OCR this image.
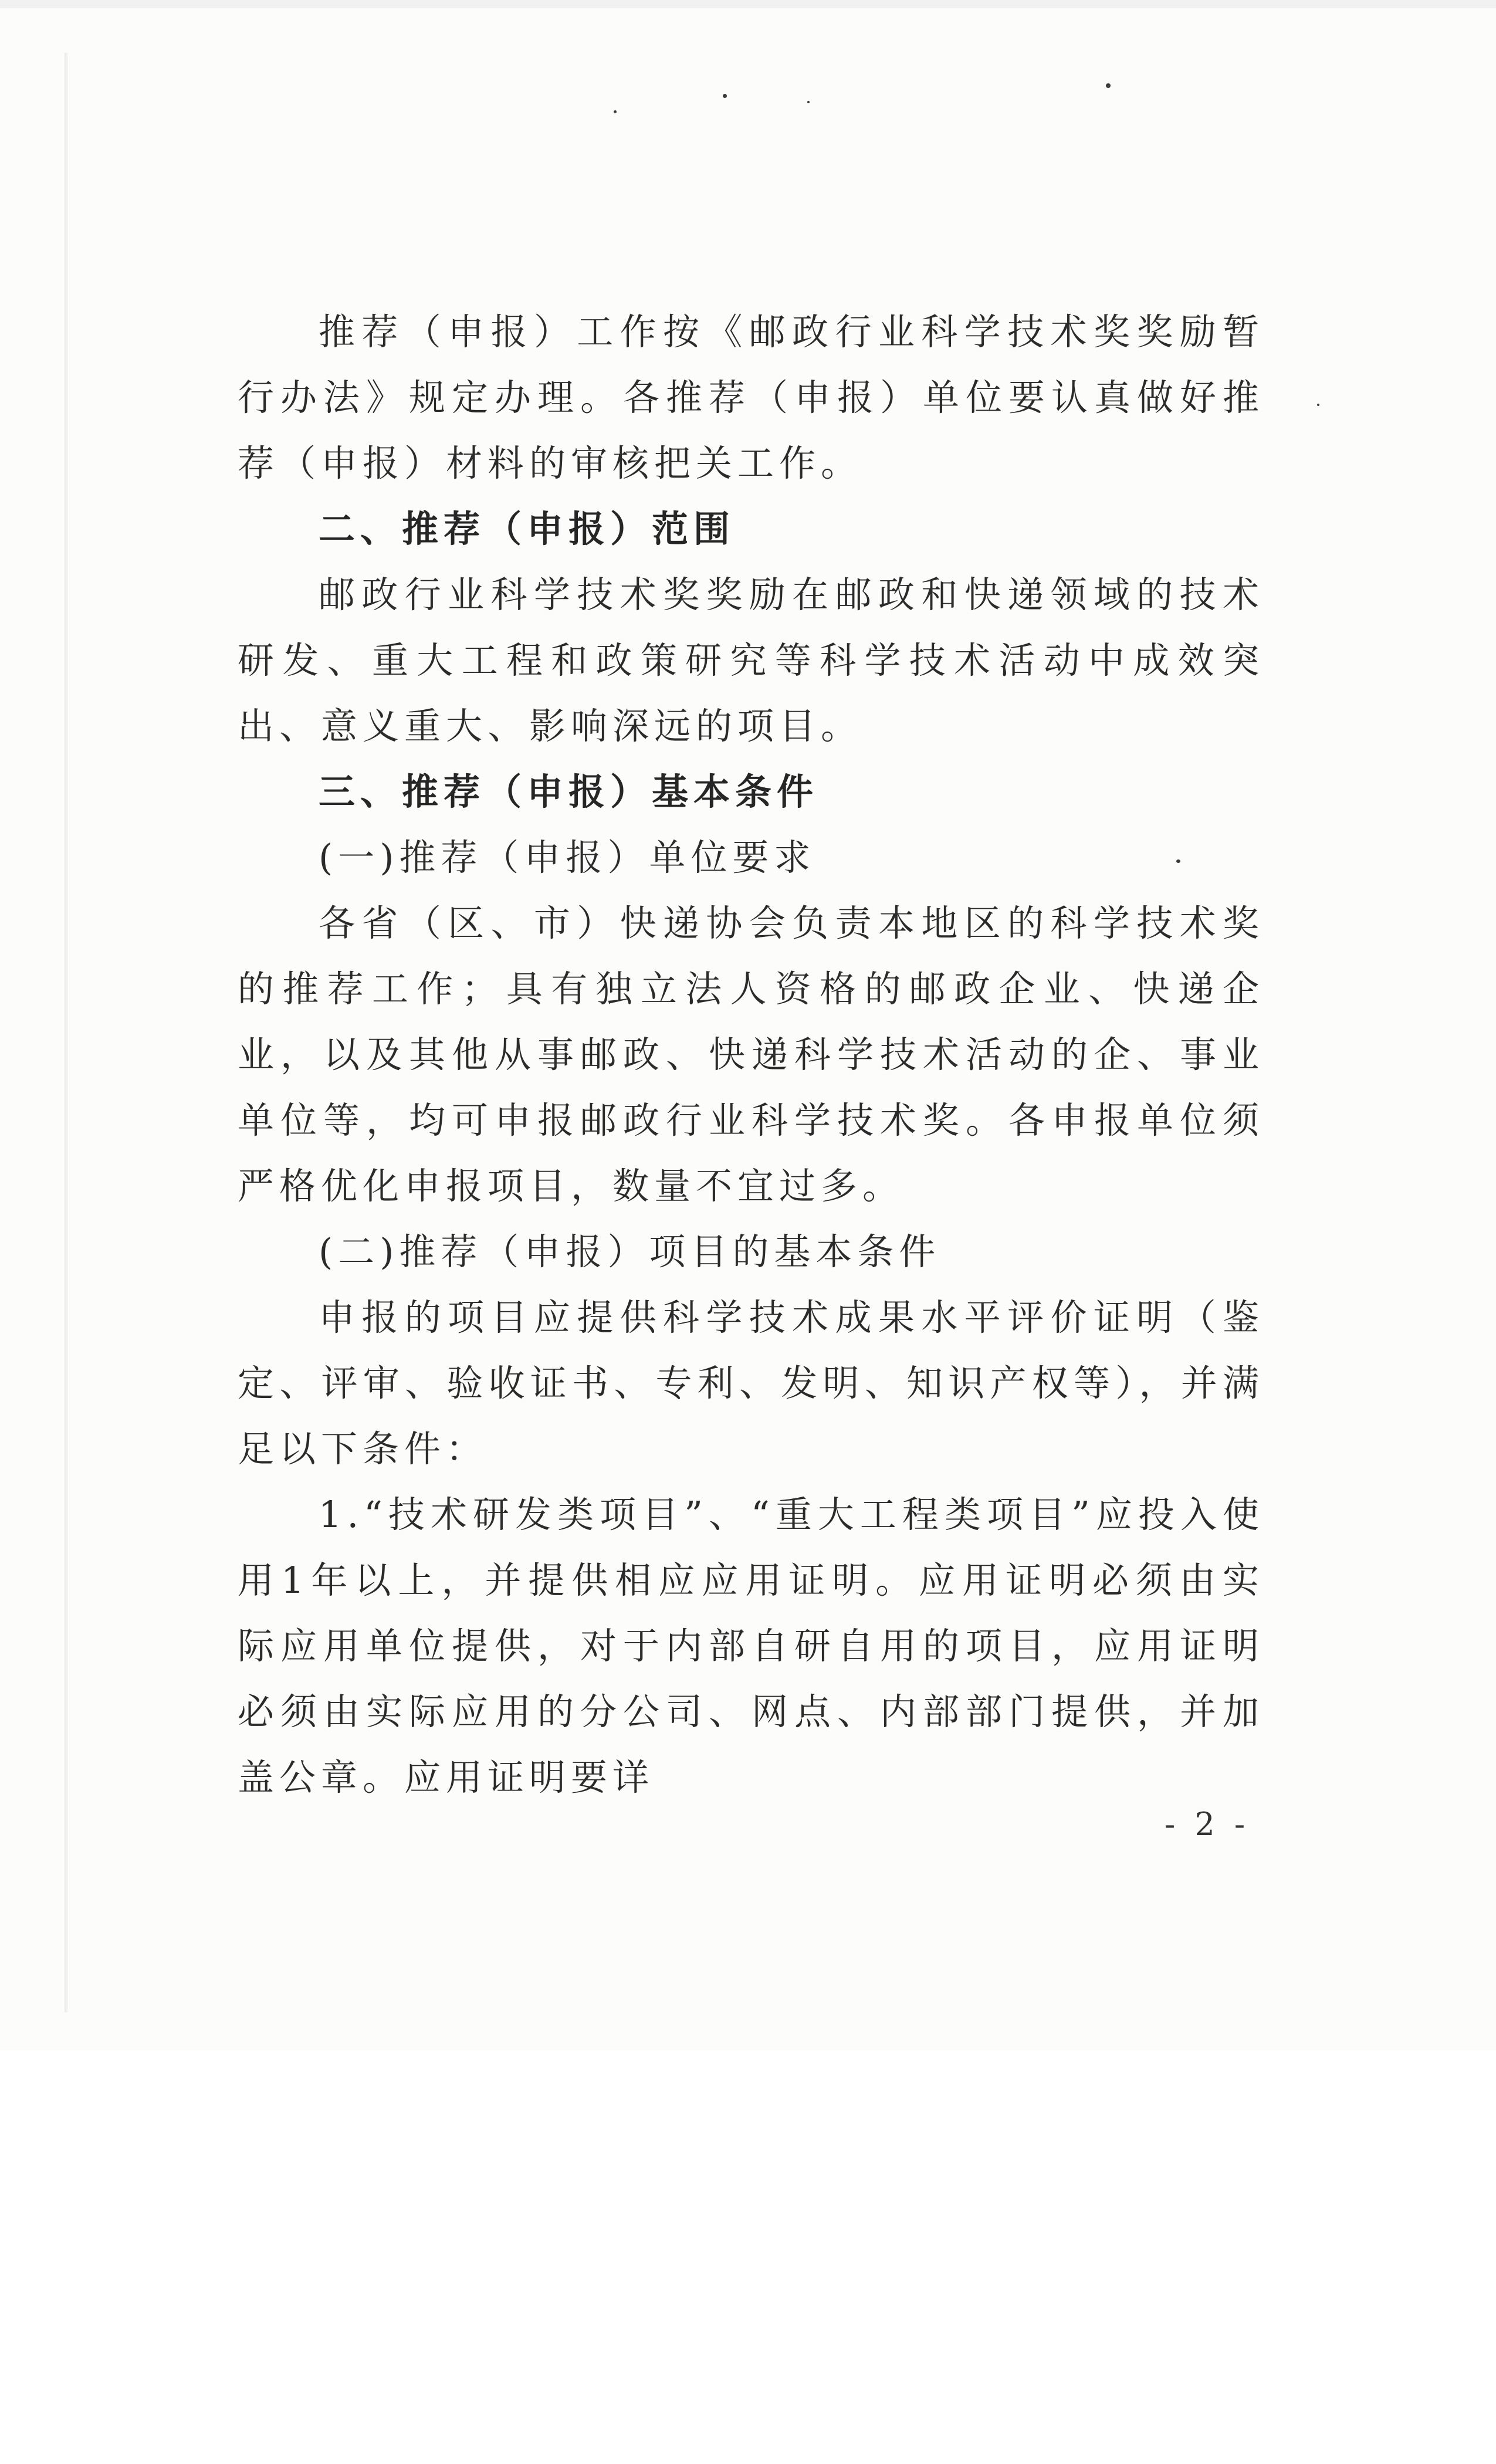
推荐（申报）工作按《邮政行业科学技术奖奖励暂行办法》规定办理。各推荐（申报）单位要认真做好推荐（申报）材料的审核把关工作。

二、推荐（申报）范围

邮政行业科学技术奖奖励在邮政和快递领域的技术研发、重大工程和政策研究等科学技术活动中成效突出、意义重大、影响深远的项目。

三、推荐（申报）基本条件

(一)推荐（申报）单位要求

各省（区、市）快递协会负责本地区的科学技术奖的推荐工作；具有独立法人资格的邮政企业、快递企业，以及其他从事邮政、快递科学技术活动的企、事业单位等，均可申报邮政行业科学技术奖。各申报单位须严格优化申报项目，数量不宜过多。

(二)推荐（申报）项目的基本条件

申报的项目应提供科学技术成果水平评价证明（鉴定、评审、验收证书、专利、发明、知识产权等），并满足以下条件：

1.“技术研发类项目”、“重大工程类项目”应投入使用1年以上，并提供相应应用证明。应用证明必须由实际应用单位提供，对于内部自研自用的项目，应用证明必须由实际应用的分公司、网点、内部部门提供，并加盖公章。应用证明要详

- 2 -
